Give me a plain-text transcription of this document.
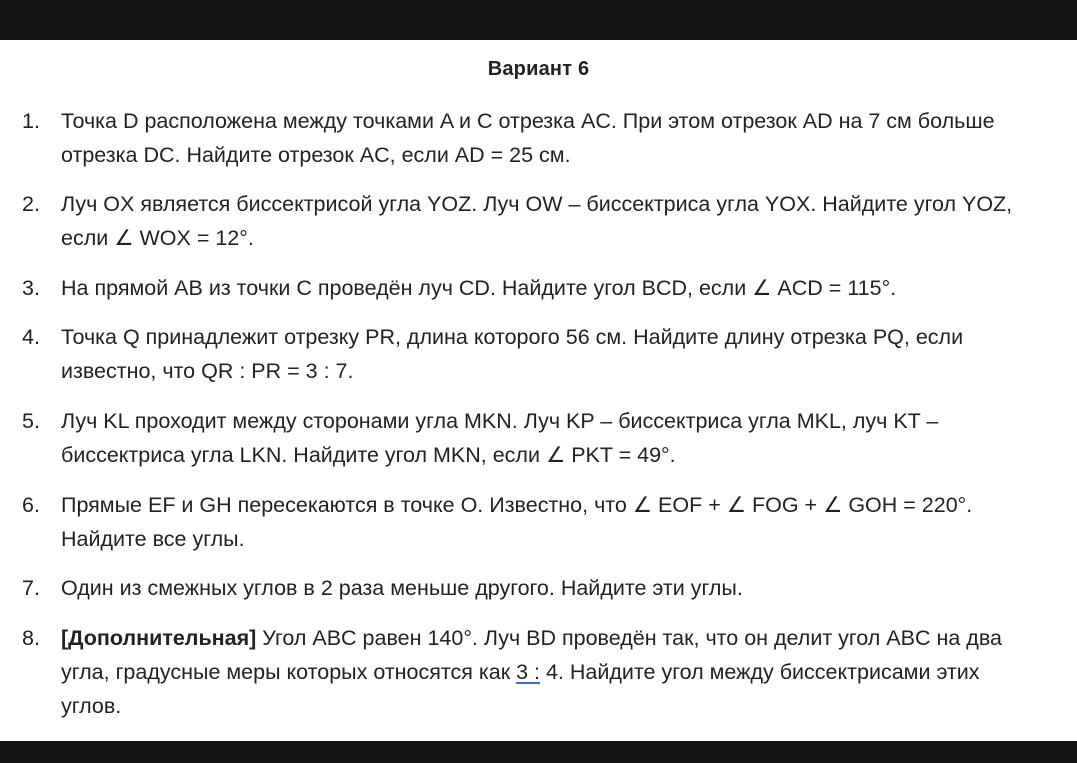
Вариант 6
1. Точка D расположена между точками A и C отрезка AC. При этом отрезок AD на 7 см больше
отрезка DC. Найдите отрезок AC, если AD = 25 см.
2. Луч OX является биссектрисой угла YOZ. Луч OW – биссектриса угла YOX. Найдите угол YOZ,
если ∠ WOX = 12°.
3. На прямой AB из точки C проведён луч CD. Найдите угол BCD, если ∠ ACD = 115°.
4. Точка Q принадлежит отрезку PR, длина которого 56 см. Найдите длину отрезка PQ, если
известно, что QR : PR = 3 : 7.
5. Луч KL проходит между сторонами угла MKN. Луч KP – биссектриса угла MKL, луч KT –
биссектриса угла LKN. Найдите угол MKN, если ∠ PKT = 49°.
6. Прямые EF и GH пересекаются в точке O. Известно, что ∠ EOF + ∠ FOG + ∠ GOH = 220°.
Найдите все углы.
7. Один из смежных углов в 2 раза меньше другого. Найдите эти углы.
8. [Дополнительная] Угол ABC равен 140°. Луч BD проведён так, что он делит угол ABC на два
угла, градусные меры которых относятся как 3 : 4. Найдите угол между биссектрисами этих
углов.
